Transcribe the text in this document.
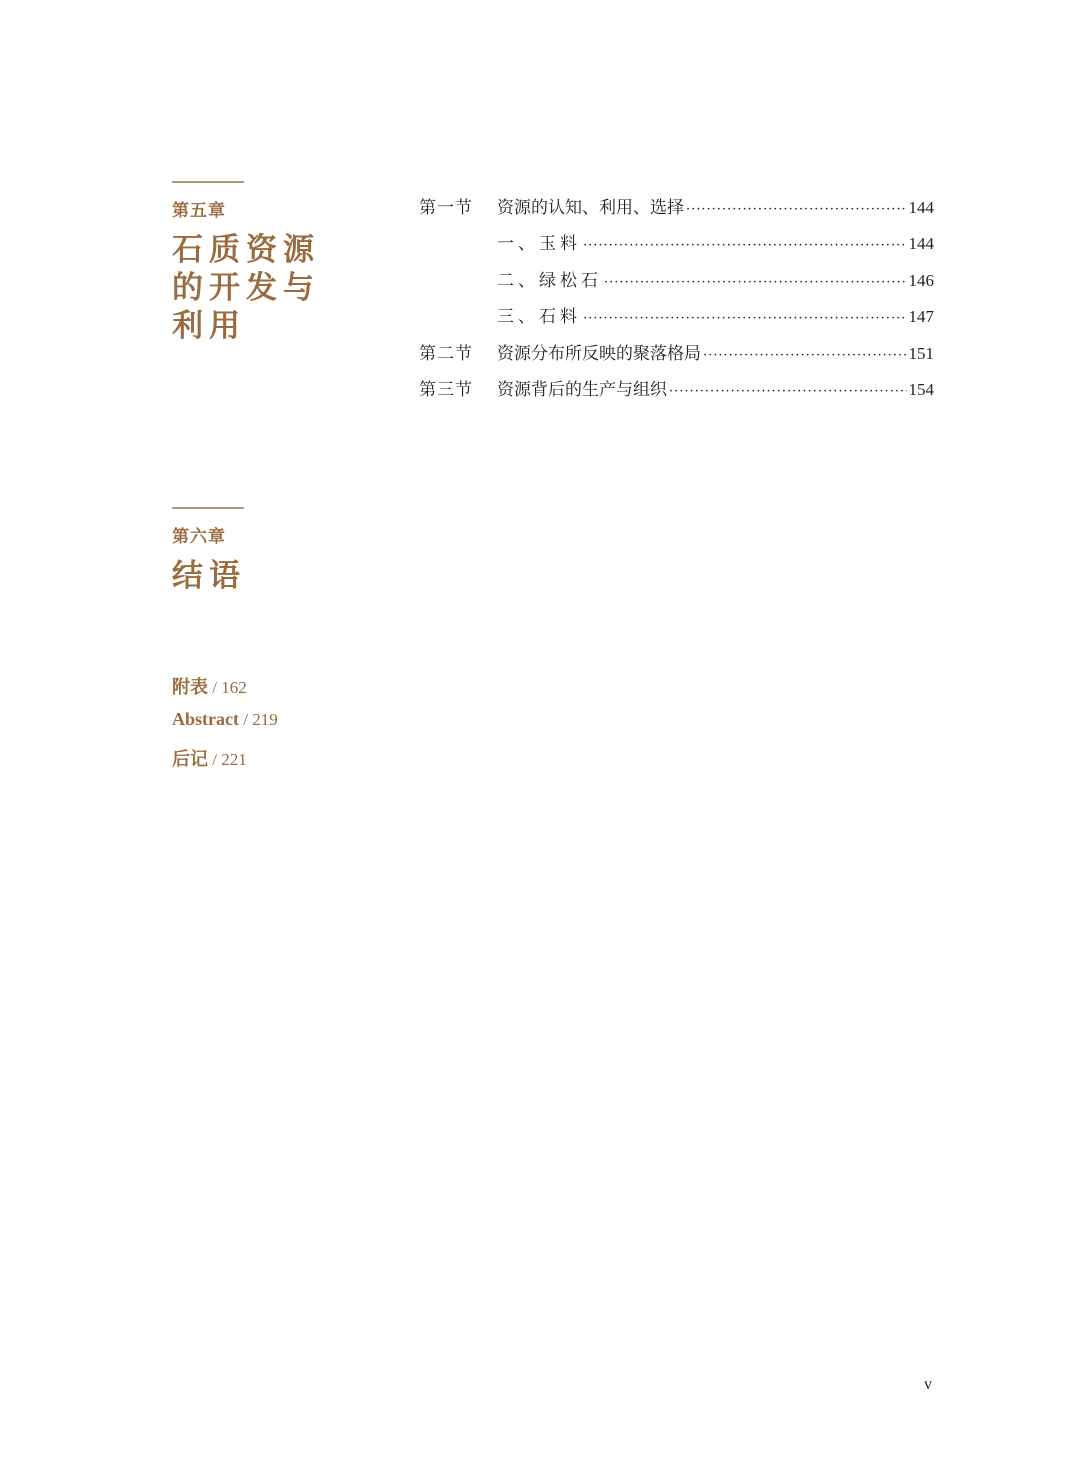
第五章
石质资源的开发与利用
第一节	资源的认知、利用、选择 ·····	144
一、玉料 ·····	144
二、绿松石 ·····	146
三、石料 ·····	147
第二节	资源分布所反映的聚落格局 ·····	151
第三节	资源背后的生产与组织 ·····	154
第六章
结语
附表 / 162
Abstract / 219
后记 / 221
v
